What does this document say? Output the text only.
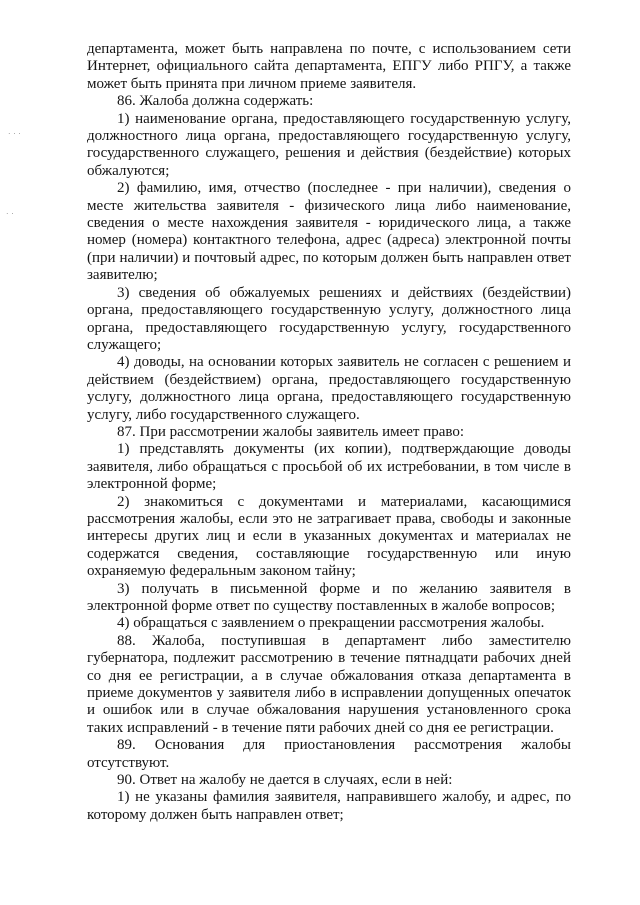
. . .
. .

департамента, может быть направлена по почте, с использованием сети Интернет, официального сайта департамента, ЕПГУ либо РПГУ, а также может быть принята при личном приеме заявителя.

86. Жалоба должна содержать:

1) наименование органа, предоставляющего государственную услугу, должностного лица органа, предоставляющего государственную услугу, государственного служащего, решения и действия (бездействие) которых обжалуются;

2) фамилию, имя, отчество (последнее - при наличии), сведения о месте жительства заявителя - физического лица либо наименование, сведения о месте нахождения заявителя - юридического лица, а также номер (номера) контактного телефона, адрес (адреса) электронной почты (при наличии) и почтовый адрес, по которым должен быть направлен ответ заявителю;

3) сведения об обжалуемых решениях и действиях (бездействии) органа, предоставляющего государственную услугу, должностного лица органа, предоставляющего государственную услугу, государственного служащего;

4) доводы, на основании которых заявитель не согласен с решением и действием (бездействием) органа, предоставляющего государственную услугу, должностного лица органа, предоставляющего государственную услугу, либо государственного служащего.

87. При рассмотрении жалобы заявитель имеет право:

1) представлять документы (их копии), подтверждающие доводы заявителя, либо обращаться с просьбой об их истребовании, в том числе в электронной форме;

2) знакомиться с документами и материалами, касающимися рассмотрения жалобы, если это не затрагивает права, свободы и законные интересы других лиц и если в указанных документах и материалах не содержатся сведения, составляющие государственную или иную охраняемую федеральным законом тайну;

3) получать в письменной форме и по желанию заявителя в электронной форме ответ по существу поставленных в жалобе вопросов;

4) обращаться с заявлением о прекращении рассмотрения жалобы.

88. Жалоба, поступившая в департамент либо заместителю губернатора, подлежит рассмотрению в течение пятнадцати рабочих дней со дня ее регистрации, а в случае обжалования отказа департамента в приеме документов у заявителя либо в исправлении допущенных опечаток и ошибок или в случае обжалования нарушения установленного срока таких исправлений - в течение пяти рабочих дней со дня ее регистрации.

89. Основания для приостановления рассмотрения жалобы отсутствуют.

90. Ответ на жалобу не дается в случаях, если в ней:

1) не указаны фамилия заявителя, направившего жалобу, и адрес, по которому должен быть направлен ответ;
